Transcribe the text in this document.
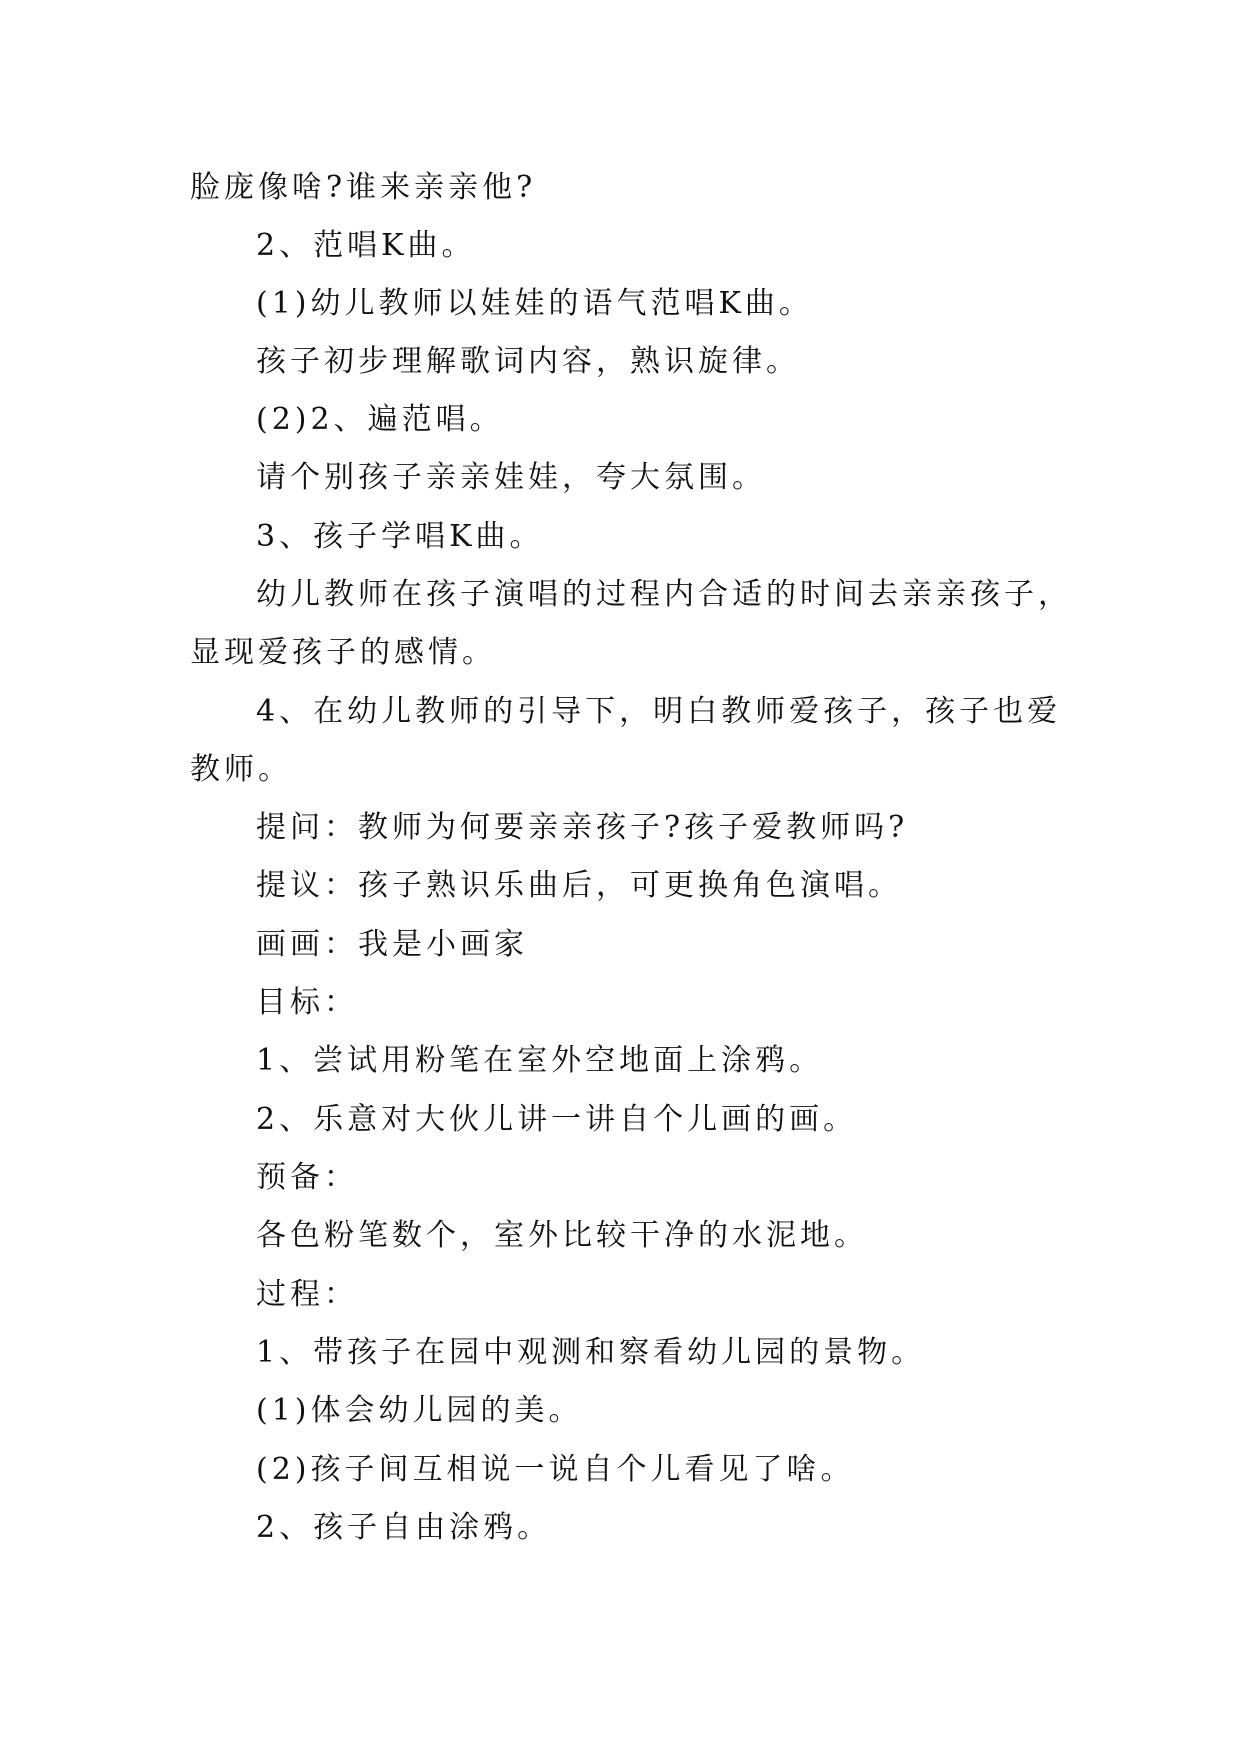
脸庞像啥?谁来亲亲他?
2、范唱K曲。
(1)幼儿教师以娃娃的语气范唱K曲。
孩子初步理解歌词内容，熟识旋律。
(2)2、遍范唱。
请个别孩子亲亲娃娃，夸大氛围。
3、孩子学唱K曲。
幼儿教师在孩子演唱的过程内合适的时间去亲亲孩子，
显现爱孩子的感情。
4、在幼儿教师的引导下，明白教师爱孩子，孩子也爱
教师。
提问：教师为何要亲亲孩子?孩子爱教师吗?
提议：孩子熟识乐曲后，可更换角色演唱。
画画：我是小画家
目标：
1、尝试用粉笔在室外空地面上涂鸦。
2、乐意对大伙儿讲一讲自个儿画的画。
预备：
各色粉笔数个，室外比较干净的水泥地。
过程：
1、带孩子在园中观测和察看幼儿园的景物。
(1)体会幼儿园的美。
(2)孩子间互相说一说自个儿看见了啥。
2、孩子自由涂鸦。
